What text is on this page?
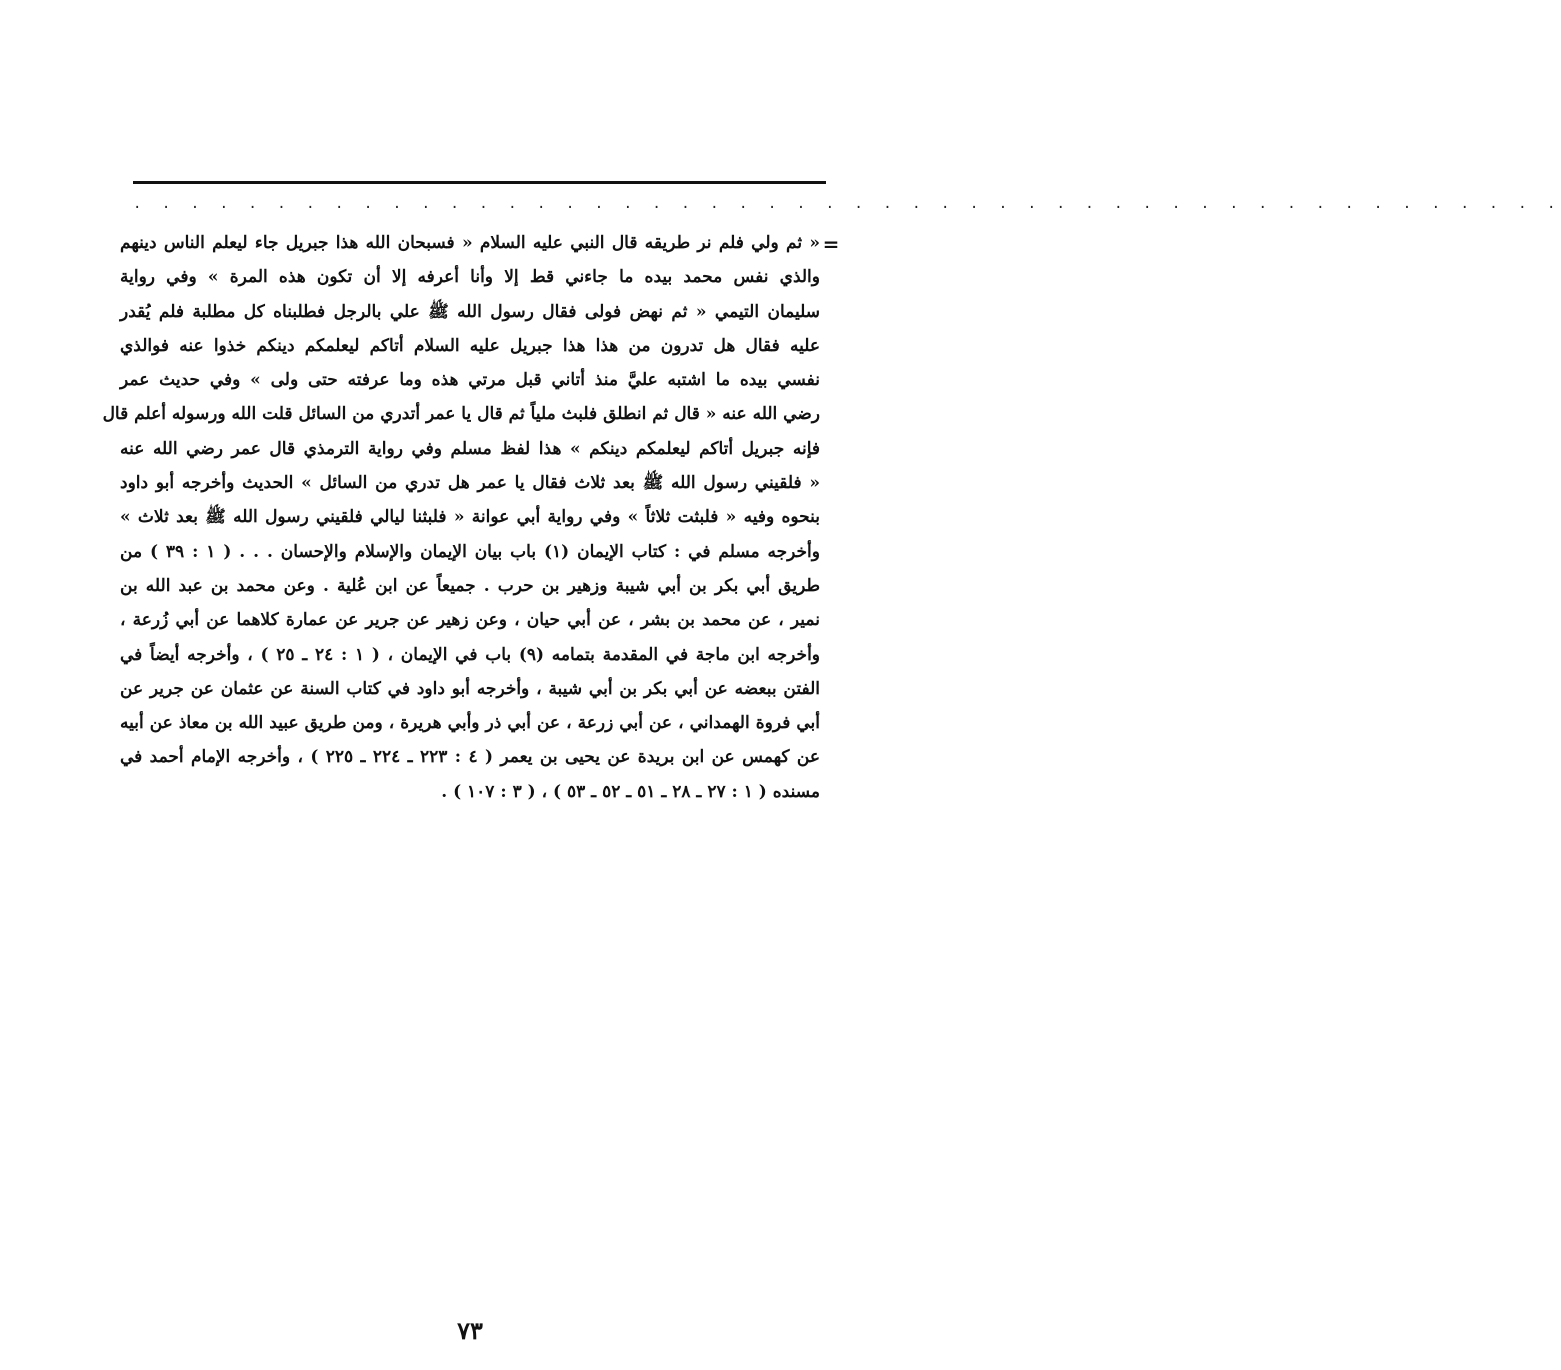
. . . . . . . . . . . . . . . . . . . . . . . . . . . . . . . . . . . . . . . . . . . . . . . . . .
=
« ثم ولي فلم نر طريقه قال النبي عليه السلام « فسبحان الله هذا جبريل جاء ليعلم الناس دينهم
والذي نفس محمد بيده ما جاءني قط إلا وأنا أعرفه إلا أن تكون هذه المرة » وفي رواية
سليمان التيمي « ثم نهض فولى فقال رسول الله ﷺ علي بالرجل فطلبناه كل مطلبة فلم يُقدر
عليه فقال هل تدرون من هذا هذا جبريل عليه السلام أتاكم ليعلمكم دينكم خذوا عنه فوالذي
نفسي بيده ما اشتبه عليَّ منذ أتاني قبل مرتي هذه وما عرفته حتى ولى » وفي حديث عمر
رضي الله عنه « قال ثم انطلق فلبث ملياً ثم قال يا عمر أتدري من السائل قلت الله ورسوله أعلم قال
فإنه جبريل أتاكم ليعلمكم دينكم » هذا لفظ مسلم وفي رواية الترمذي قال عمر رضي الله عنه
« فلقيني رسول الله ﷺ بعد ثلاث فقال يا عمر هل تدري من السائل » الحديث وأخرجه أبو داود
بنحوه وفيه « فلبثت ثلاثاً » وفي رواية أبي عوانة « فلبثنا ليالي فلقيني رسول الله ﷺ بعد ثلاث »
وأخرجه مسلم في : كتاب الإيمان (١) باب بيان الإيمان والإسلام والإحسان . . . ( ١ : ٣٩ ) من
طريق أبي بكر بن أبي شيبة وزهير بن حرب . جميعاً عن ابن عُلية . وعن محمد بن عبد الله بن
نمير ، عن محمد بن بشر ، عن أبي حيان ، وعن زهير عن جرير عن عمارة كلاهما عن أبي زُرعة ،
وأخرجه ابن ماجة في المقدمة بتمامه (٩) باب في الإيمان ، ( ١ : ٢٤ ـ ٢٥ ) ، وأخرجه أيضاً في
الفتن ببعضه عن أبي بكر بن أبي شيبة ، وأخرجه أبو داود في كتاب السنة عن عثمان عن جرير عن
أبي فروة الهمداني ، عن أبي زرعة ، عن أبي ذر وأبي هريرة ، ومن طريق عبيد الله بن معاذ عن أبيه
عن كهمس عن ابن بريدة عن يحيى بن يعمر ( ٤ : ٢٢٣ ـ ٢٢٤ ـ ٢٢٥ ) ، وأخرجه الإمام أحمد في
مسنده ( ١ : ٢٧ ـ ٢٨ ـ ٥١ ـ ٥٢ ـ ٥٣ ) ، ( ٣ : ١٠٧ ) .
٧٣
